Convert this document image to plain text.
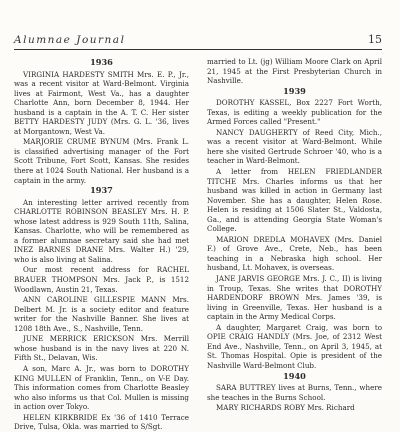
Alumnae Journal	15
1936

VIRGINIA HARDESTY SMITH Mrs. E. P., Jr., was a recent visitor at Ward-Belmont. Virginia lives at Fairmont, West Va., has a daughter Charlotte Ann, born December 8, 1944. Her husband is a captain in the A. T. C. Her sister BETTY HARDESTY JUDY (Mrs. G. L. '36, lives at Morgantown, West Va.

MARJORIE CRUME BYNUM (Mrs. Frank L. is classified advertising manager of the Fort Scott Tribune, Fort Scott, Kansas. She resides there at 1024 South National. Her husband is a captain in the army.

1937

An interesting letter arrived recently from CHARLOTTE ROBINSON BEASLEY Mrs. H. P. whose latest address is 929 South 11th, Salina, Kansas. Charlotte, who will be remembered as a former alumnae secretary said she had met INEZ BARNES DRANE Mrs. Walter H.) '29, who is also living at Salina.

Our most recent address for RACHEL BRAUER THOMPSON Mrs. Jack P., is 1512 Woodlawn, Austin 21, Texas.

ANN CAROLINE GILLESPIE MANN Mrs. Delbert M. Jr. is a society editor and feature writer for the Nashville Banner. She lives at 1208 18th Ave., S., Nashville, Tenn.

JUNE MERRICK ERICKSON Mrs. Merrill whose husband is in the navy lives at 220 N. Fifth St., Delavan, Wis.

A son, Marc A. Jr., was born to DOROTHY KING MULLEN of Franklin, Tenn., on V-E Day. This information comes from Charlotte Beasley who also informs us that Col. Mullen is missing in action over Tokyo.

HELEN KIRKBRIDE Ex '36 of 1410 Terrace Drive, Tulsa, Okla. was married to S/Sgt.

married to Lt. (jg) William Moore Clark on April 21, 1945 at the First Presbyterian Church in Nashville.

1939

DOROTHY KASSEL, Box 2227 Fort Worth, Texas, is editing a weekly publication for the Armed Forces called "Present."

NANCY DAUGHERTY of Reed City, Mich., was a recent visitor at Ward-Belmont. While here she visited Gertrude Schroer '40, who is a teacher in Ward-Belmont.

A letter from HELEN FRIEDLANDER TITCHE Mrs. Charles informs us that her husband was killed in action in Germany last November. She has a daughter, Helen Rose. Helen is residing at 1506 Slater St., Valdosta, Ga., and is attending Georgia State Woman's College.

MARION DREDLA MOHAVEX (Mrs. Daniel F.) of Grove Ave., Crete, Neb., has been teaching in a Nebraska high school. Her husband, Lt. Mohavex, is overseas.

JANE JARVIS GEORGE Mrs. J. C., II) is living in Troup, Texas. She writes that DOROTHY HARDENDORF BROWN Mrs. James '39, is living in Greenville, Texas. Her husband is a captain in the Army Medical Corps.

A daughter, Margaret Craig, was born to OPIE CRAIG HANDLY (Mrs. Joe, of 2312 West End Ave., Nashville, Tenn., on April 3, 1945, at St. Thomas Hospital. Opie is president of the Nashville Ward-Belmont Club.

1940

SARA BUTTREY lives at Burns, Tenn., where she teaches in the Burns School.

MARY RICHARDS ROBY Mrs. Richard
